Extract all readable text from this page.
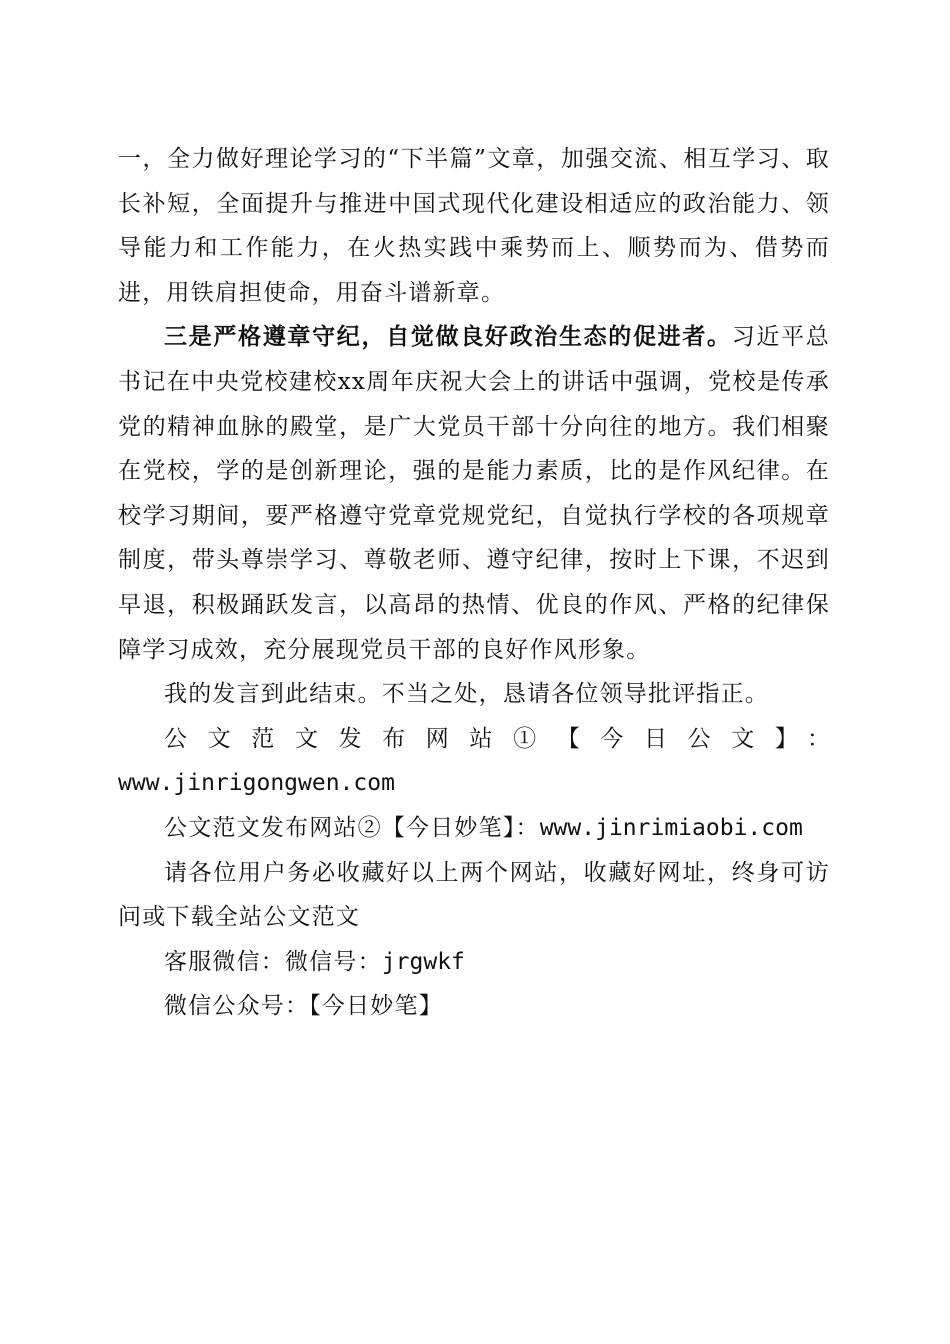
一，全力做好理论学习的“下半篇”文章，加强交流、相互学习、取长补短，全面提升与推进中国式现代化建设相适应的政治能力、领导能力和工作能力，在火热实践中乘势而上、顺势而为、借势而进，用铁肩担使命，用奋斗谱新章。

三是严格遵章守纪，自觉做良好政治生态的促进者。习近平总书记在中央党校建校xx周年庆祝大会上的讲话中强调，党校是传承党的精神血脉的殿堂，是广大党员干部十分向往的地方。我们相聚在党校，学的是创新理论，强的是能力素质，比的是作风纪律。在校学习期间，要严格遵守党章党规党纪，自觉执行学校的各项规章制度，带头尊崇学习、尊敬老师、遵守纪律，按时上下课，不迟到早退，积极踊跃发言，以高昂的热情、优良的作风、严格的纪律保障学习成效，充分展现党员干部的良好作风形象。

我的发言到此结束。不当之处，恳请各位领导批评指正。

公文范文发布网站①【今日公文】：

www.jinrigongwen.com

公文范文发布网站②【今日妙笔】：www.jinrimiaobi.com

请各位用户务必收藏好以上两个网站，收藏好网址，终身可访问或下载全站公文范文

客服微信：微信号：jrgwkf

微信公众号：【今日妙笔】
